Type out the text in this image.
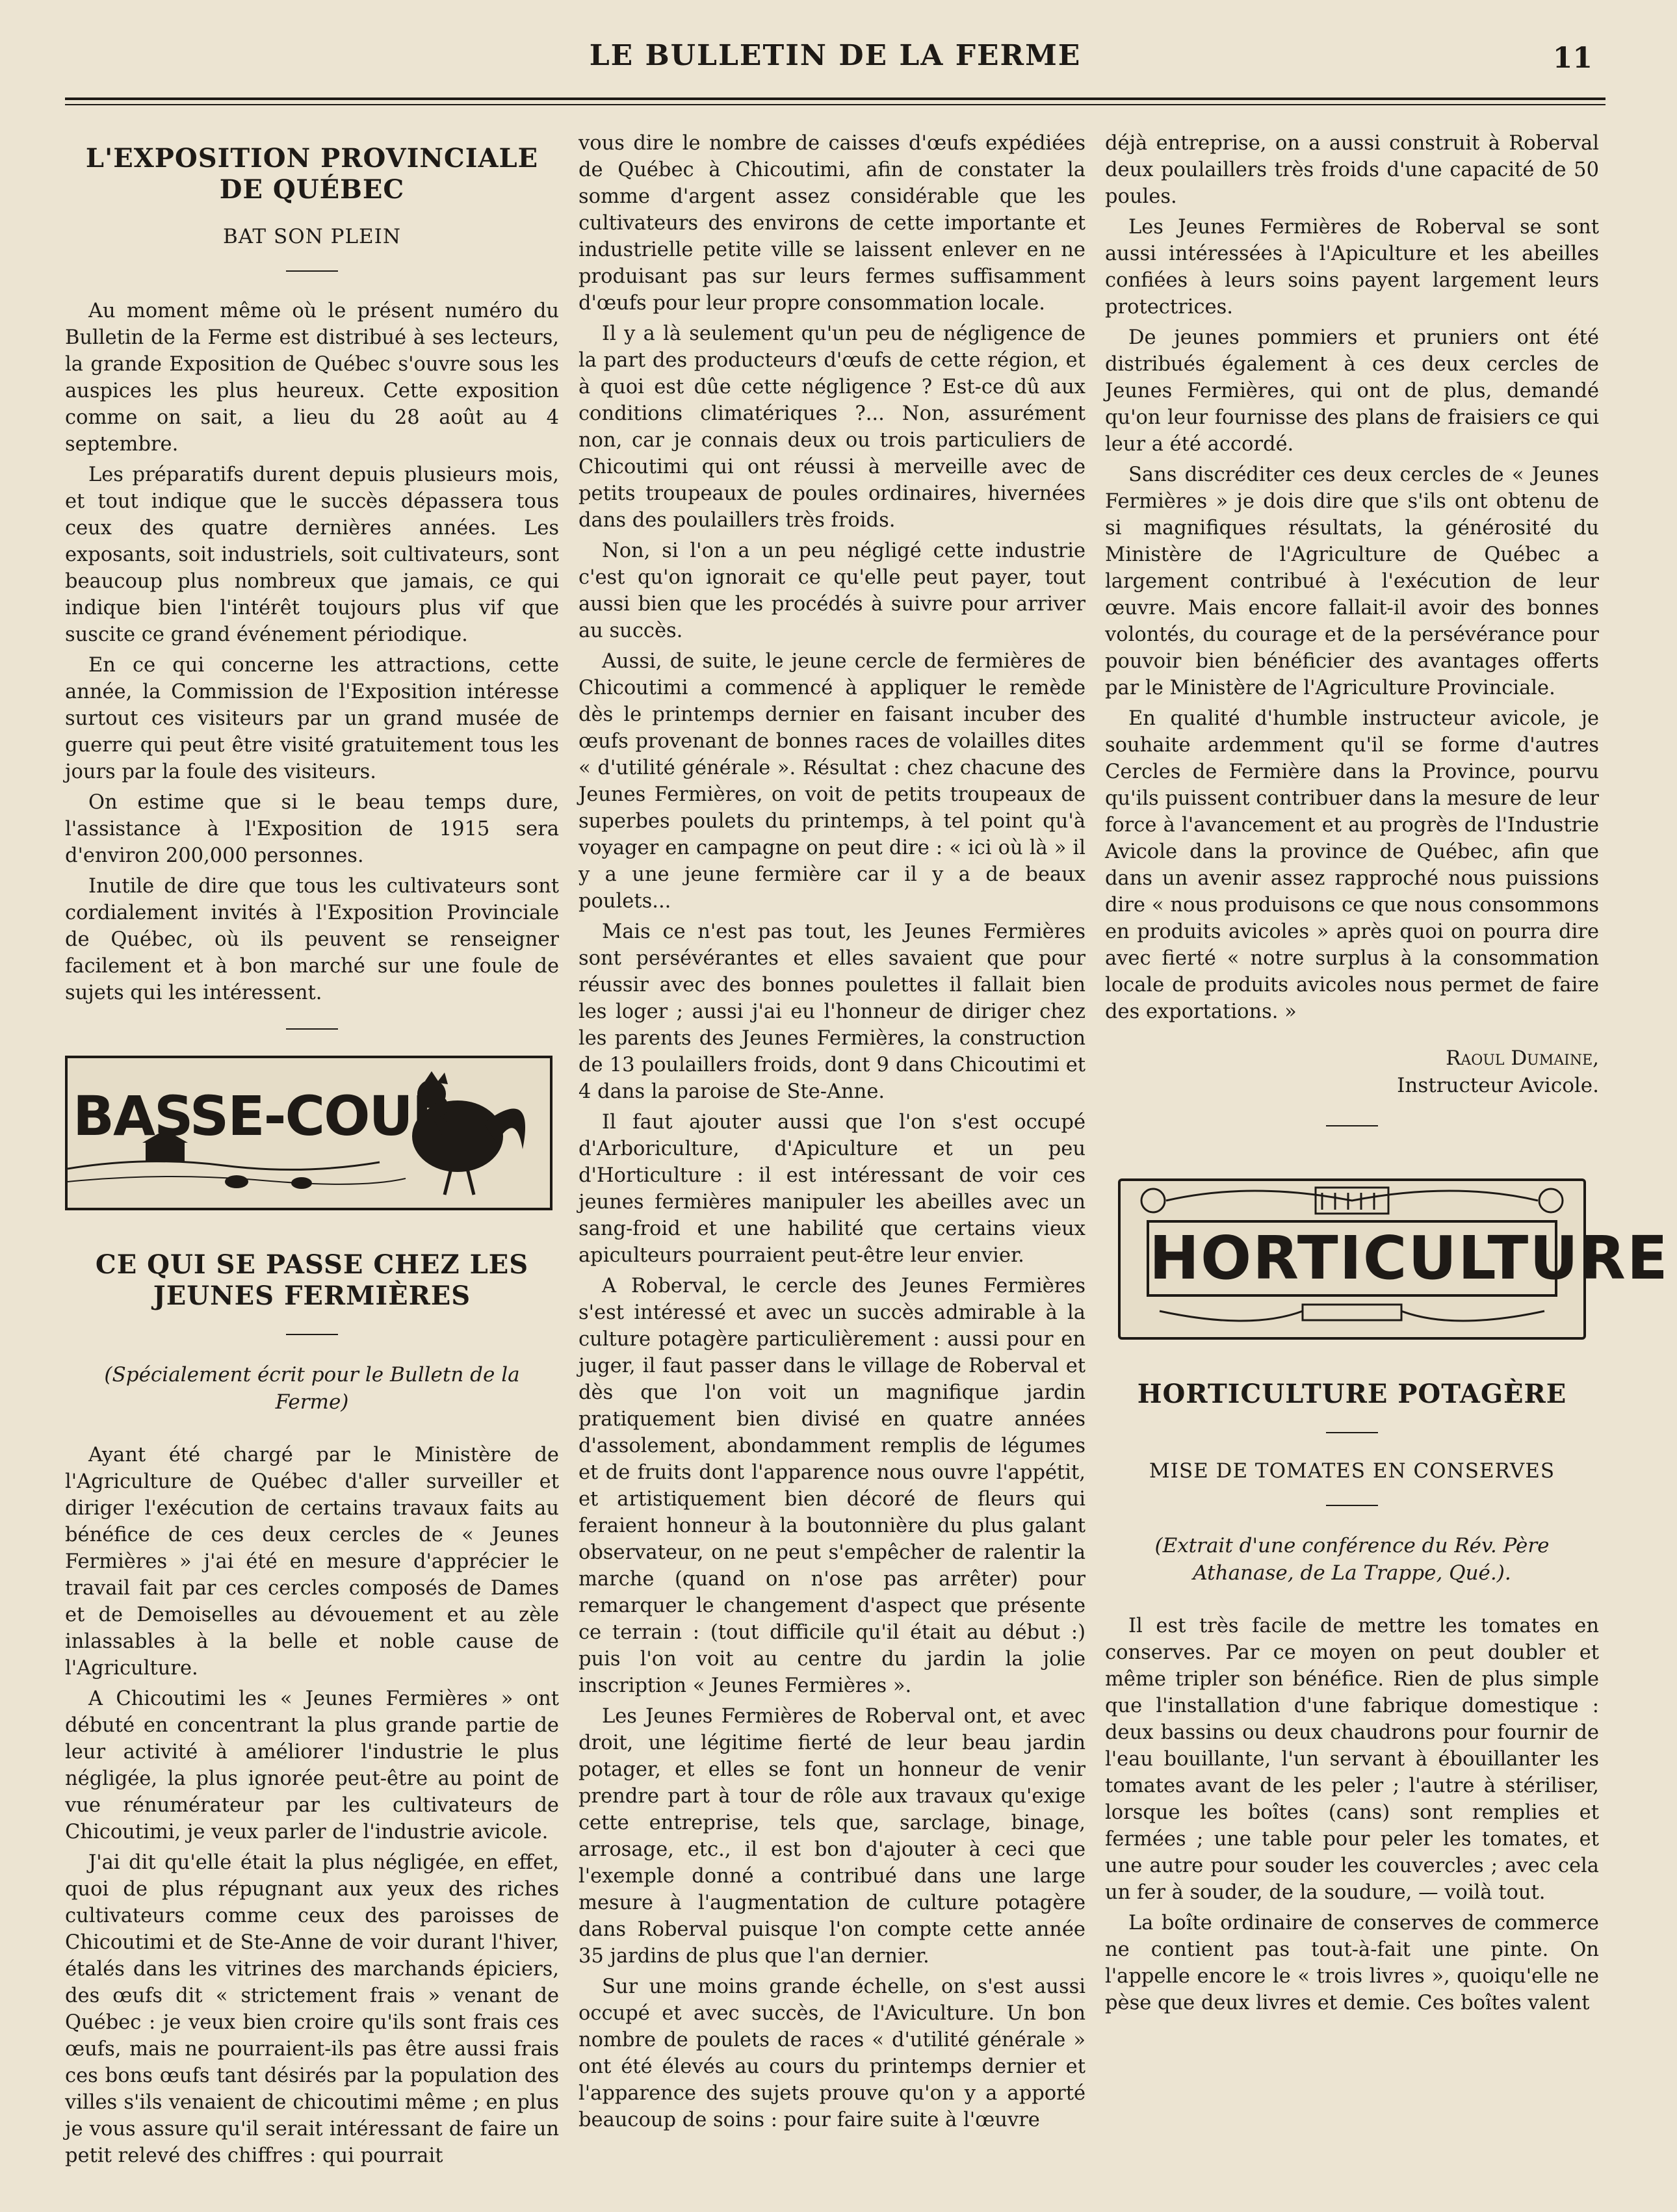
LE BULLETIN DE LA FERME	11
L'EXPOSITION PROVINCIALE DE QUÉBEC
BAT SON PLEIN

Au moment même où le présent numéro du Bulletin de la Ferme est distribué à ses lecteurs, la grande Exposition de Québec s'ouvre sous les auspices les plus heureux. Cette exposition comme on sait, a lieu du 28 août au 4 septembre.

Les préparatifs durent depuis plusieurs mois, et tout indique que le succès dépassera tous ceux des quatre dernières années. Les exposants, soit industriels, soit cultivateurs, sont beaucoup plus nombreux que jamais, ce qui indique bien l'intérêt toujours plus vif que suscite ce grand événement périodique.

En ce qui concerne les attractions, cette année, la Commission de l'Exposition intéresse surtout ces visiteurs par un grand musée de guerre qui peut être visité gratuitement tous les jours par la foule des visiteurs.

On estime que si le beau temps dure, l'assistance à l'Exposition de 1915 sera d'environ 200,000 personnes.

Inutile de dire que tous les cultivateurs sont cordialement invités à l'Exposition Provinciale de Québec, où ils peuvent se renseigner facilement et à bon marché sur une foule de sujets qui les intéressent.

BASSE-COUR
CE QUI SE PASSE CHEZ LES JEUNES FERMIÈRES
(Spécialement écrit pour le Bulletn de la Ferme)

Ayant été chargé par le Ministère de l'Agriculture de Québec d'aller surveiller et diriger l'exécution de certains travaux faits au bénéfice de ces deux cercles de « Jeunes Fermières » j'ai été en mesure d'apprécier le travail fait par ces cercles composés de Dames et de Demoiselles au dévouement et au zèle inlassables à la belle et noble cause de l'Agriculture.

A Chicoutimi les « Jeunes Fermières » ont débuté en concentrant la plus grande partie de leur activité à améliorer l'industrie le plus négligée, la plus ignorée peut-être au point de vue rénumérateur par les cultivateurs de Chicoutimi, je veux parler de l'industrie avicole.

J'ai dit qu'elle était la plus négligée, en effet, quoi de plus répugnant aux yeux des riches cultivateurs comme ceux des paroisses de Chicoutimi et de Ste-Anne de voir durant l'hiver, étalés dans les vitrines des marchands épiciers, des œufs dit « strictement frais » venant de Québec : je veux bien croire qu'ils sont frais ces œufs, mais ne pourraient-ils pas être aussi frais ces bons œufs tant désirés par la population des villes s'ils venaient de chicoutimi même ; en plus je vous assure qu'il serait intéressant de faire un petit relevé des chiffres : qui pourrait

vous dire le nombre de caisses d'œufs expédiées de Québec à Chicoutimi, afin de constater la somme d'argent assez considérable que les cultivateurs des environs de cette importante et industrielle petite ville se laissent enlever en ne produisant pas sur leurs fermes suffisamment d'œufs pour leur propre consommation locale.

Il y a là seulement qu'un peu de négligence de la part des producteurs d'œufs de cette région, et à quoi est dûe cette négligence ? Est-ce dû aux conditions climatériques ?... Non, assurément non, car je connais deux ou trois particuliers de Chicoutimi qui ont réussi à merveille avec de petits troupeaux de poules ordinaires, hivernées dans des poulaillers très froids.

Non, si l'on a un peu négligé cette industrie c'est qu'on ignorait ce qu'elle peut payer, tout aussi bien que les procédés à suivre pour arriver au succès.

Aussi, de suite, le jeune cercle de fermières de Chicoutimi a commencé à appliquer le remède dès le printemps dernier en faisant incuber des œufs provenant de bonnes races de volailles dites « d'utilité générale ». Résultat : chez chacune des Jeunes Fermières, on voit de petits troupeaux de superbes poulets du printemps, à tel point qu'à voyager en campagne on peut dire : « ici où là » il y a une jeune fermière car il y a de beaux poulets...

Mais ce n'est pas tout, les Jeunes Fermières sont persévérantes et elles savaient que pour réussir avec des bonnes poulettes il fallait bien les loger ; aussi j'ai eu l'honneur de diriger chez les parents des Jeunes Fermières, la construction de 13 poulaillers froids, dont 9 dans Chicoutimi et 4 dans la paroise de Ste-Anne.

Il faut ajouter aussi que l'on s'est occupé d'Arboriculture, d'Apiculture et un peu d'Horticulture : il est intéressant de voir ces jeunes fermières manipuler les abeilles avec un sang-froid et une habilité que certains vieux apiculteurs pourraient peut-être leur envier.

A Roberval, le cercle des Jeunes Fermières s'est intéressé et avec un succès admirable à la culture potagère particulièrement : aussi pour en juger, il faut passer dans le village de Roberval et dès que l'on voit un magnifique jardin pratiquement bien divisé en quatre années d'assolement, abondamment remplis de légumes et de fruits dont l'apparence nous ouvre l'appétit, et artistiquement bien décoré de fleurs qui feraient honneur à la boutonnière du plus galant observateur, on ne peut s'empêcher de ralentir la marche (quand on n'ose pas arrêter) pour remarquer le changement d'aspect que présente ce terrain : (tout difficile qu'il était au début :) puis l'on voit au centre du jardin la jolie inscription « Jeunes Fermières ».

Les Jeunes Fermières de Roberval ont, et avec droit, une légitime fierté de leur beau jardin potager, et elles se font un honneur de venir prendre part à tour de rôle aux travaux qu'exige cette entreprise, tels que, sarclage, binage, arrosage, etc., il est bon d'ajouter à ceci que l'exemple donné a contribué dans une large mesure à l'augmentation de culture potagère dans Roberval puisque l'on compte cette année 35 jardins de plus que l'an dernier.

Sur une moins grande échelle, on s'est aussi occupé et avec succès, de l'Aviculture. Un bon nombre de poulets de races « d'utilité générale » ont été élevés au cours du printemps dernier et l'apparence des sujets prouve qu'on y a apporté beaucoup de soins : pour faire suite à l'œuvre

déjà entreprise, on a aussi construit à Roberval deux poulaillers très froids d'une capacité de 50 poules.

Les Jeunes Fermières de Roberval se sont aussi intéressées à l'Apiculture et les abeilles confiées à leurs soins payent largement leurs protectrices.

De jeunes pommiers et pruniers ont été distribués également à ces deux cercles de Jeunes Fermières, qui ont de plus, demandé qu'on leur fournisse des plans de fraisiers ce qui leur a été accordé.

Sans discréditer ces deux cercles de « Jeunes Fermières » je dois dire que s'ils ont obtenu de si magnifiques résultats, la générosité du Ministère de l'Agriculture de Québec a largement contribué à l'exécution de leur œuvre. Mais encore fallait-il avoir des bonnes volontés, du courage et de la persévérance pour pouvoir bien bénéficier des avantages offerts par le Ministère de l'Agriculture Provinciale.

En qualité d'humble instructeur avicole, je souhaite ardemment qu'il se forme d'autres Cercles de Fermière dans la Province, pourvu qu'ils puissent contribuer dans la mesure de leur force à l'avancement et au progrès de l'Industrie Avicole dans la province de Québec, afin que dans un avenir assez rapproché nous puissions dire « nous produisons ce que nous consommons en produits avicoles » après quoi on pourra dire avec fierté « notre surplus à la consommation locale de produits avicoles nous permet de faire des exportations. »

Raoul Dumaine,
Instructeur Avicole.
HORTICULTURE
HORTICULTURE POTAGÈRE
MISE DE TOMATES EN CONSERVES
(Extrait d'une conférence du Rév. Père Athanase, de La Trappe, Qué.).

Il est très facile de mettre les tomates en conserves. Par ce moyen on peut doubler et même tripler son bénéfice. Rien de plus simple que l'installation d'une fabrique domestique : deux bassins ou deux chaudrons pour fournir de l'eau bouillante, l'un servant à ébouillanter les tomates avant de les peler ; l'autre à stériliser, lorsque les boîtes (cans) sont remplies et fermées ; une table pour peler les tomates, et une autre pour souder les couvercles ; avec cela un fer à souder, de la soudure, — voilà tout.

La boîte ordinaire de conserves de commerce ne contient pas tout-à-fait une pinte. On l'appelle encore le « trois livres », quoiqu'elle ne pèse que deux livres et demie. Ces boîtes valent
